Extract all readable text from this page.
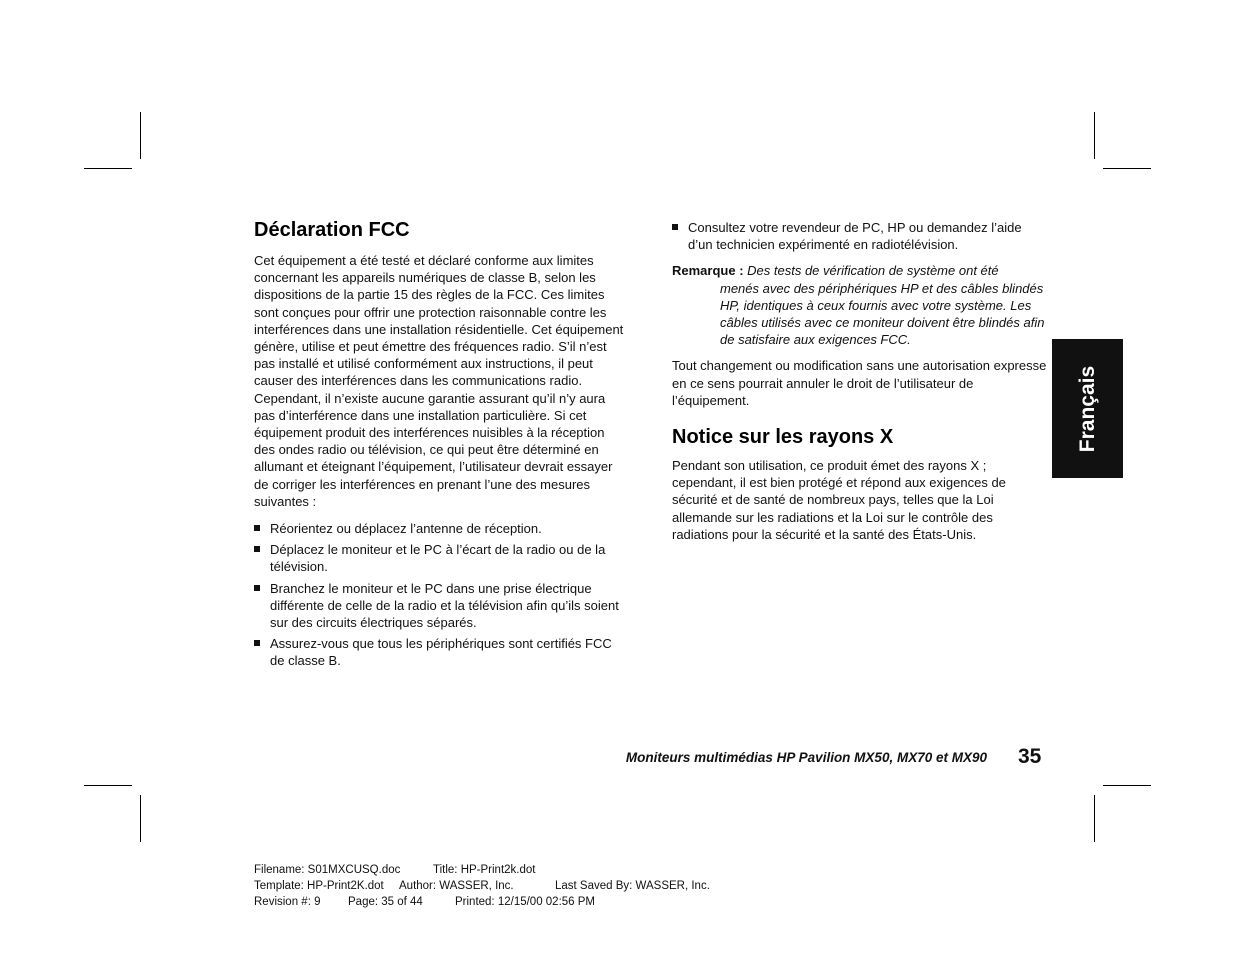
Déclaration FCC

Cet équipement a été testé et déclaré conforme aux limites concernant les appareils numériques de classe B, selon les dispositions de la partie 15 des règles de la FCC. Ces limites sont conçues pour offrir une protection raisonnable contre les interférences dans une installation résidentielle. Cet équipement génère, utilise et peut émettre des fréquences radio. S’il n’est pas installé et utilisé conformément aux instructions, il peut causer des interférences dans les communications radio. Cependant, il n’existe aucune garantie assurant qu’il n’y aura pas d’interférence dans une installation particulière. Si cet équipement produit des interférences nuisibles à la réception des ondes radio ou télévision, ce qui peut être déterminé en allumant et éteignant l’équipement, l’utilisateur devrait essayer de corriger les interférences en prenant l’une des mesures suivantes :

Réorientez ou déplacez l’antenne de réception.
Déplacez le moniteur et le PC à l’écart de la radio ou de la télévision.
Branchez le moniteur et le PC dans une prise électrique différente de celle de la radio et la télévision afin qu’ils soient sur des circuits électriques séparés.
Assurez-vous que tous les périphériques sont certifiés FCC de classe B.
Consultez votre revendeur de PC, HP ou demandez l’aide d’un technicien expérimenté en radiotélévision.

Remarque : Des tests de vérification de système ont été

menés avec des périphériques HP et des câbles blindés HP, identiques à ceux fournis avec votre système. Les câbles utilisés avec ce moniteur doivent être blindés afin de satisfaire aux exigences FCC.

Tout changement ou modification sans une autorisation expresse en ce sens pourrait annuler le droit de l’utilisateur de l’équipement.

Notice sur les rayons X

Pendant son utilisation, ce produit émet des rayons X ; cependant, il est bien protégé et répond aux exigences de sécurité et de santé de nombreux pays, telles que la Loi allemande sur les radiations et la Loi sur le contrôle des radiations pour la sécurité et la santé des États-Unis.

Français
Moniteurs multimédias HP Pavilion MX50, MX70 et MX90 35
Filename: S01MXCUSQ.doc	Title: HP-Print2k.dot
Template: HP-Print2K.dot Author: WASSER, Inc.	Last Saved By: WASSER, Inc.
Revision #: 9 Page: 35 of 44	Printed: 12/15/00 02:56 PM
